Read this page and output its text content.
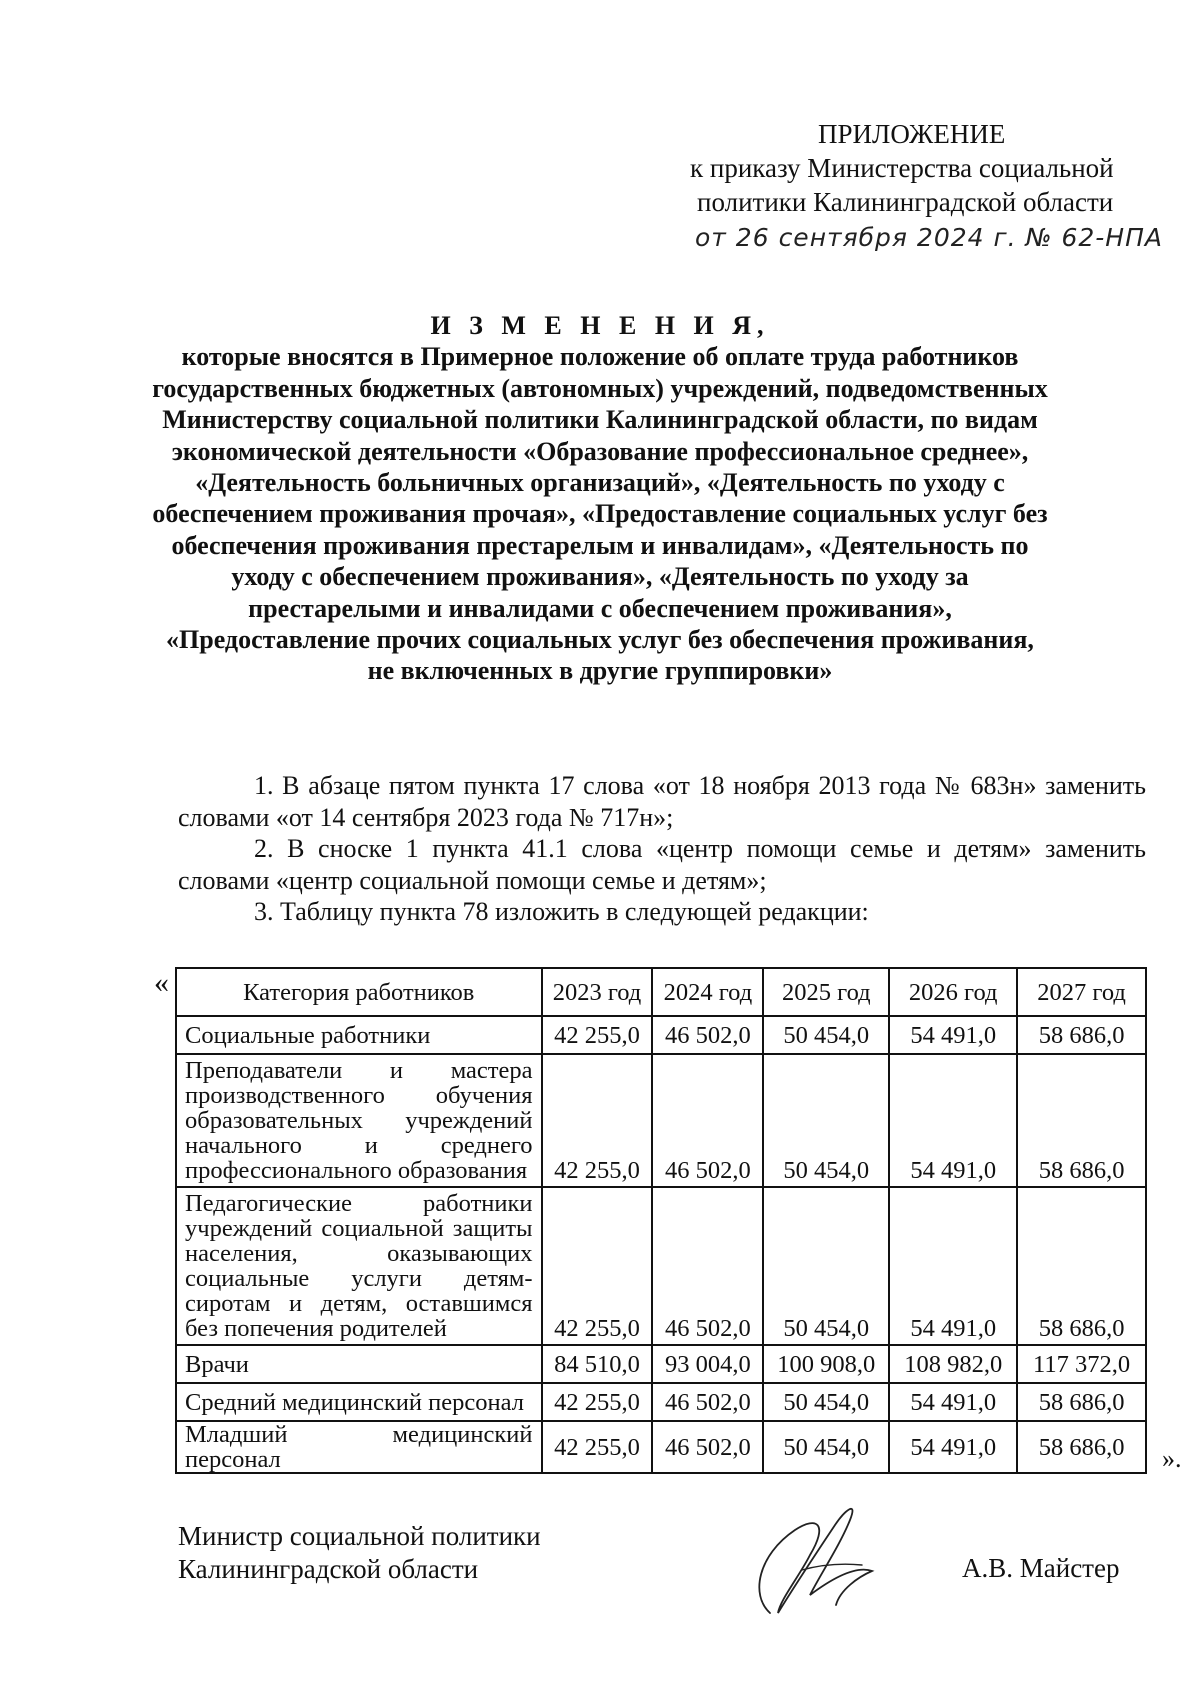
ПРИЛОЖЕНИЕ
к приказу Министерства социальной
политики Калининградской области
от 26 сентября 2024 г. № 62-НПА
И З М Е Н Е Н И Я,
которые вносятся в Примерное положение об оплате труда работников государственных бюджетных (автономных) учреждений, подведомственных Министерству социальной политики Калининградской области, по видам экономической деятельности «Образование профессиональное среднее», «Деятельность больничных организаций», «Деятельность по уходу с обеспечением проживания прочая», «Предоставление социальных услуг без обеспечения проживания престарелым и инвалидам», «Деятельность по уходу с обеспечением проживания», «Деятельность по уходу за престарелыми и инвалидами с обеспечением проживания», «Предоставление прочих социальных услуг без обеспечения проживания, не включенных в другие группировки»

1. В абзаце пятом пункта 17 слова «от 18 ноября 2013 года № 683н» заменить словами «от 14 сентября 2023 года № 717н»;

2. В сноске 1 пункта 41.1 слова «центр помощи семье и детям» заменить словами «центр социальной помощи семье и детям»;

3. Таблицу пункта 78 изложить в следующей редакции:

«	Категория работников	2023 год	2024 год	2025 год	2026 год	2027 год
Социальные работники	42 255,0	46 502,0	50 454,0	54 491,0	58 686,0
Преподаватели и мастера производственного обучения образовательных учреждений начального и среднего профессионального образования	42 255,0	46 502,0	50 454,0	54 491,0	58 686,0
Педагогические работники учреждений социальной защиты населения, оказывающих социальные услуги детям-сиротам и детям, оставшимся без попечения родителей	42 255,0	46 502,0	50 454,0	54 491,0	58 686,0
Врачи	84 510,0	93 004,0	100 908,0	108 982,0	117 372,0
Средний медицинский персонал	42 255,0	46 502,0	50 454,0	54 491,0	58 686,0
Младший медицинский персонал	42 255,0	46 502,0	50 454,0	54 491,0	58 686,0 ».
Министр социальной политики
Калининградской области	А.В. Майстер
